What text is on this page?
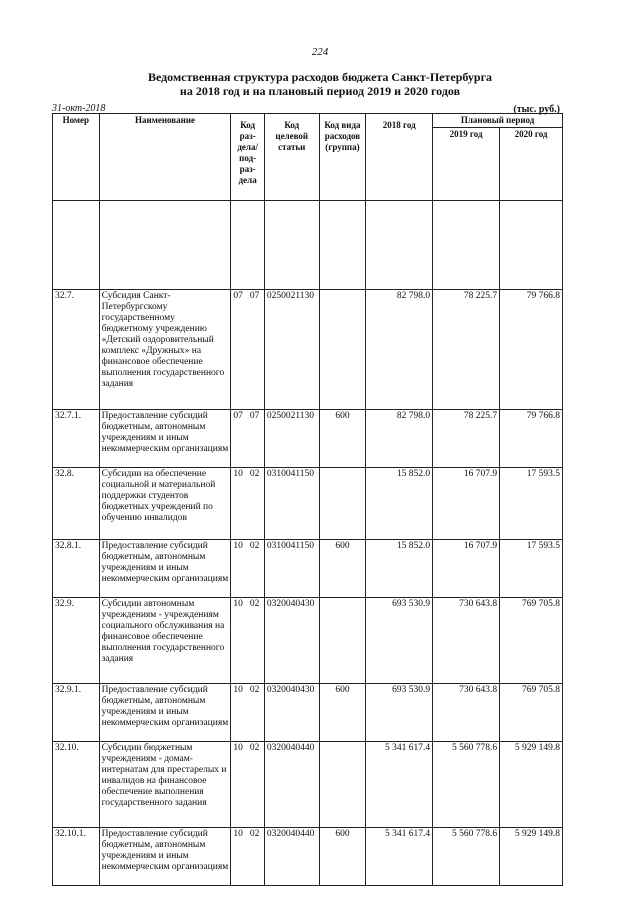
224
Ведомственная структура расходов бюджета Санкт-Петербурга
на 2018 год и на плановый период 2019 и 2020 годов
31-окт-2018	(тыс. руб.)
Номер	Наименование	Код раз- дела/ под- раз- дела	Код целевой статьи	Код вида расходов (группа)	2018 год	Плановый период	
						2019 год	2020 год

32.7.	Субсидия Санкт-Петербургскому государственному бюджетному учреждению «Детский оздоровительный комплекс «Дружных» на финансовое обеспечение выполнения государственного задания	07 07	0250021130		82 798.0	78 225.7	79 766.8
32.7.1.	Предоставление субсидий бюджетным, автономным учреждениям и иным некоммерческим организациям	07 07	0250021130	600	82 798.0	78 225.7	79 766.8
32.8.	Субсидии на обеспечение социальной и материальной поддержки студентов бюджетных учреждений по обучению инвалидов	10 02	0310041150		15 852.0	16 707.9	17 593.5
32.8.1.	Предоставление субсидий бюджетным, автономным учреждениям и иным некоммерческим организациям	10 02	0310041150	600	15 852.0	16 707.9	17 593.5
32.9.	Субсидии автономным учреждениям - учреждениям социального обслуживания на финансовое обеспечение выполнения государственного задания	10 02	0320040430		693 530.9	730 643.8	769 705.8
32.9.1.	Предоставление субсидий бюджетным, автономным учреждениям и иным некоммерческим организациям	10 02	0320040430	600	693 530.9	730 643.8	769 705.8
32.10.	Субсидии бюджетным учреждениям - домам-интернатам для престарелых и инвалидов на финансовое обеспечение выполнения государственного задания	10 02	0320040440		5 341 617.4	5 560 778.6	5 929 149.8
32.10.1.	Предоставление субсидий бюджетным, автономным учреждениям и иным некоммерческим организациям	10 02	0320040440	600	5 341 617.4	5 560 778.6	5 929 149.8
